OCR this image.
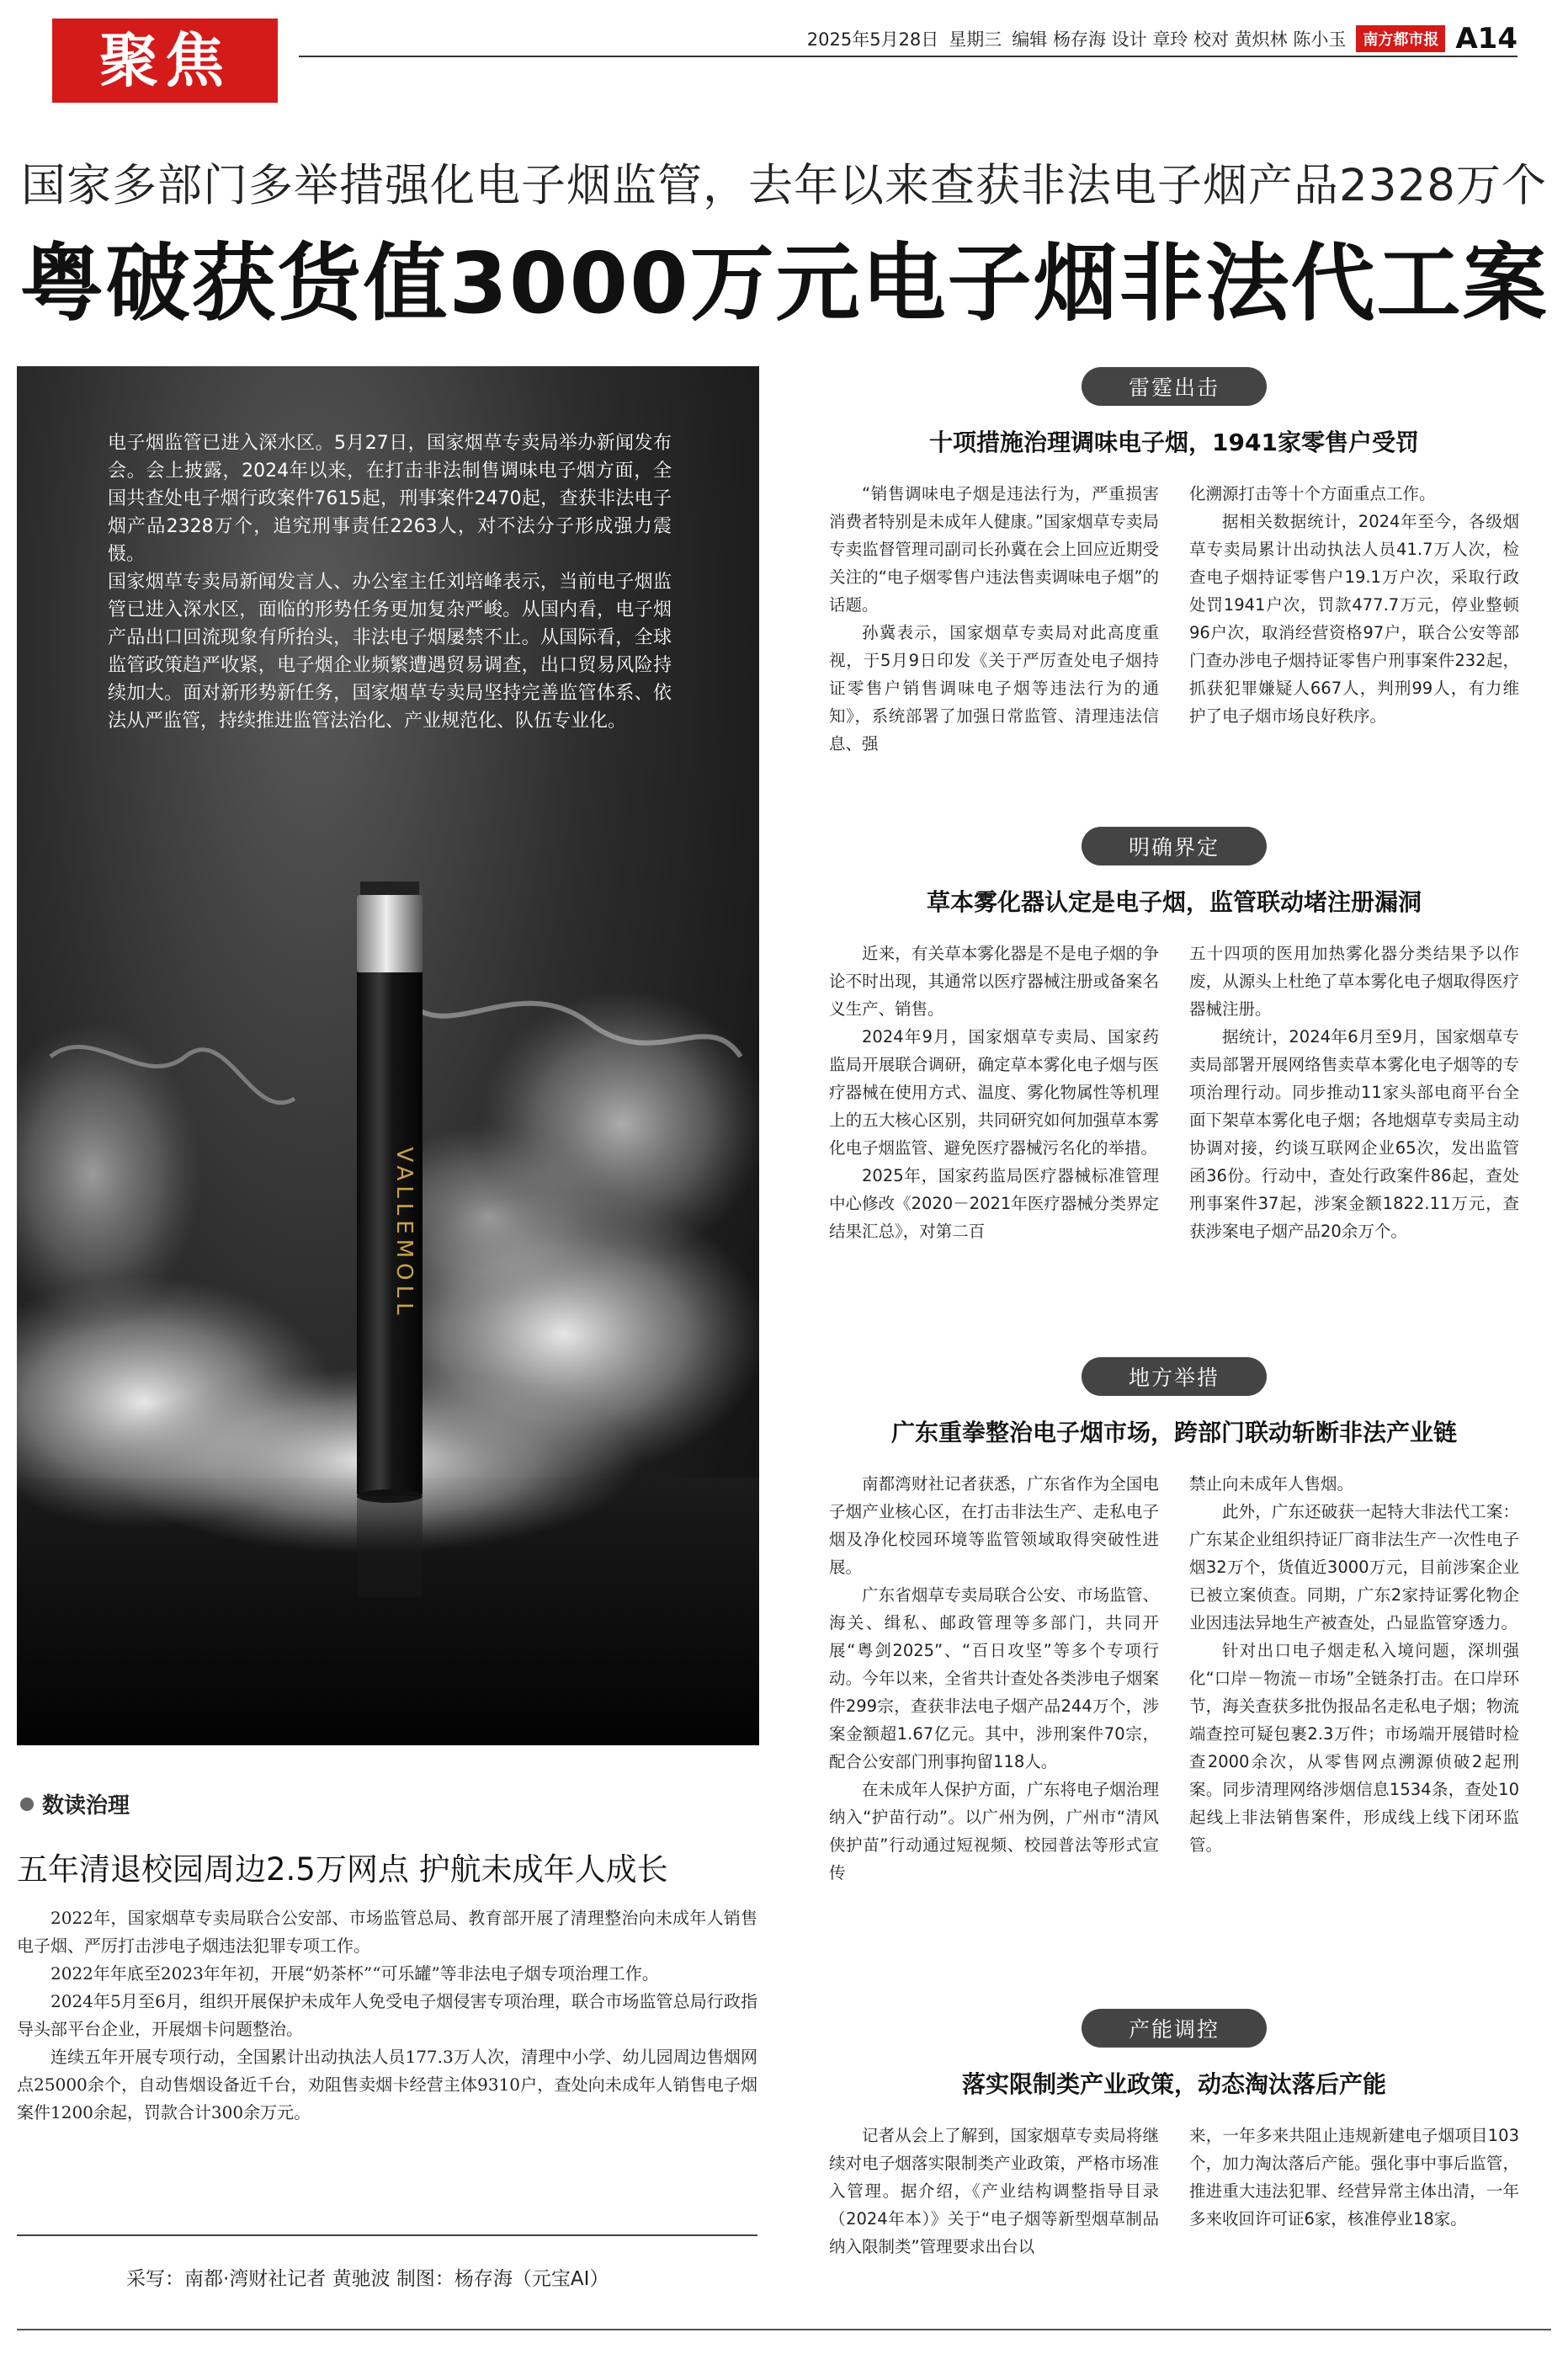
聚焦	2025年5月28日 星期三 编辑 杨存海 设计 章玲 校对 黄炽林 陈小玉	南方都市报 A14
国家多部门多举措强化电子烟监管，去年以来查获非法电子烟产品2328万个
粤破获货值3000万元电子烟非法代工案
VALLEMOLL

电子烟监管已进入深水区。5月27日，国家烟草专卖局举办新闻发布会。会上披露，2024年以来，在打击非法制售调味电子烟方面，全国共查处电子烟行政案件7615起，刑事案件2470起，查获非法电子烟产品2328万个，追究刑事责任2263人，对不法分子形成强力震慑。

国家烟草专卖局新闻发言人、办公室主任刘培峰表示，当前电子烟监管已进入深水区，面临的形势任务更加复杂严峻。从国内看，电子烟产品出口回流现象有所抬头，非法电子烟屡禁不止。从国际看，全球监管政策趋严收紧，电子烟企业频繁遭遇贸易调查，出口贸易风险持续加大。面对新形势新任务，国家烟草专卖局坚持完善监管体系、依法从严监管，持续推进监管法治化、产业规范化、队伍专业化。

数读治理
五年清退校园周边2.5万网点 护航未成年人成长

2022年，国家烟草专卖局联合公安部、市场监管总局、教育部开展了清理整治向未成年人销售电子烟、严厉打击涉电子烟违法犯罪专项工作。

2022年年底至2023年年初，开展“奶茶杯”“可乐罐”等非法电子烟专项治理工作。

2024年5月至6月，组织开展保护未成年人免受电子烟侵害专项治理，联合市场监管总局行政指导头部平台企业，开展烟卡问题整治。

连续五年开展专项行动，全国累计出动执法人员177.3万人次，清理中小学、幼儿园周边售烟网点25000余个，自动售烟设备近千台，劝阻售卖烟卡经营主体9310户，查处向未成年人销售电子烟案件1200余起，罚款合计300余万元。

采写：南都·湾财社记者 黄驰波 制图：杨存海（元宝AI）
雷霆出击
十项措施治理调味电子烟，1941家零售户受罚

“销售调味电子烟是违法行为，严重损害消费者特别是未成年人健康。”国家烟草专卖局专卖监督管理司副司长孙冀在会上回应近期受关注的“电子烟零售户违法售卖调味电子烟”的话题。

孙冀表示，国家烟草专卖局对此高度重视，于5月9日印发《关于严厉查处电子烟持证零售户销售调味电子烟等违法行为的通知》，系统部署了加强日常监管、清理违法信息、强

化溯源打击等十个方面重点工作。

据相关数据统计，2024年至今，各级烟草专卖局累计出动执法人员41.7万人次，检查电子烟持证零售户19.1万户次，采取行政处罚1941户次，罚款477.7万元，停业整顿96户次，取消经营资格97户，联合公安等部门查办涉电子烟持证零售户刑事案件232起，抓获犯罪嫌疑人667人，判刑99人，有力维护了电子烟市场良好秩序。

明确界定
草本雾化器认定是电子烟，监管联动堵注册漏洞

近来，有关草本雾化器是不是电子烟的争论不时出现，其通常以医疗器械注册或备案名义生产、销售。

2024年9月，国家烟草专卖局、国家药监局开展联合调研，确定草本雾化电子烟与医疗器械在使用方式、温度、雾化物属性等机理上的五大核心区别，共同研究如何加强草本雾化电子烟监管、避免医疗器械污名化的举措。

2025年，国家药监局医疗器械标准管理中心修改《2020－2021年医疗器械分类界定结果汇总》，对第二百

五十四项的医用加热雾化器分类结果予以作废，从源头上杜绝了草本雾化电子烟取得医疗器械注册。

据统计，2024年6月至9月，国家烟草专卖局部署开展网络售卖草本雾化电子烟等的专项治理行动。同步推动11家头部电商平台全面下架草本雾化电子烟；各地烟草专卖局主动协调对接，约谈互联网企业65次，发出监管函36份。行动中，查处行政案件86起，查处刑事案件37起，涉案金额1822.11万元，查获涉案电子烟产品20余万个。

地方举措
广东重拳整治电子烟市场，跨部门联动斩断非法产业链

南都湾财社记者获悉，广东省作为全国电子烟产业核心区，在打击非法生产、走私电子烟及净化校园环境等监管领域取得突破性进展。

广东省烟草专卖局联合公安、市场监管、海关、缉私、邮政管理等多部门，共同开展“粤剑2025”、“百日攻坚”等多个专项行动。今年以来，全省共计查处各类涉电子烟案件299宗，查获非法电子烟产品244万个，涉案金额超1.67亿元。其中，涉刑案件70宗，配合公安部门刑事拘留118人。

在未成年人保护方面，广东将电子烟治理纳入“护苗行动”。以广州为例，广州市“清风侠护苗”行动通过短视频、校园普法等形式宣传

禁止向未成年人售烟。

此外，广东还破获一起特大非法代工案：广东某企业组织持证厂商非法生产一次性电子烟32万个，货值近3000万元，目前涉案企业已被立案侦查。同期，广东2家持证雾化物企业因违法异地生产被查处，凸显监管穿透力。

针对出口电子烟走私入境问题，深圳强化“口岸－物流－市场”全链条打击。在口岸环节，海关查获多批伪报品名走私电子烟；物流端查控可疑包裹2.3万件；市场端开展错时检查2000余次，从零售网点溯源侦破2起刑案。同步清理网络涉烟信息1534条，查处10起线上非法销售案件，形成线上线下闭环监管。

产能调控
落实限制类产业政策，动态淘汰落后产能

记者从会上了解到，国家烟草专卖局将继续对电子烟落实限制类产业政策，严格市场准入管理。据介绍，《产业结构调整指导目录（2024年本）》关于“电子烟等新型烟草制品纳入限制类”管理要求出台以

来，一年多来共阻止违规新建电子烟项目103个，加力淘汰落后产能。强化事中事后监管，推进重大违法犯罪、经营异常主体出清，一年多来收回许可证6家，核准停业18家。
